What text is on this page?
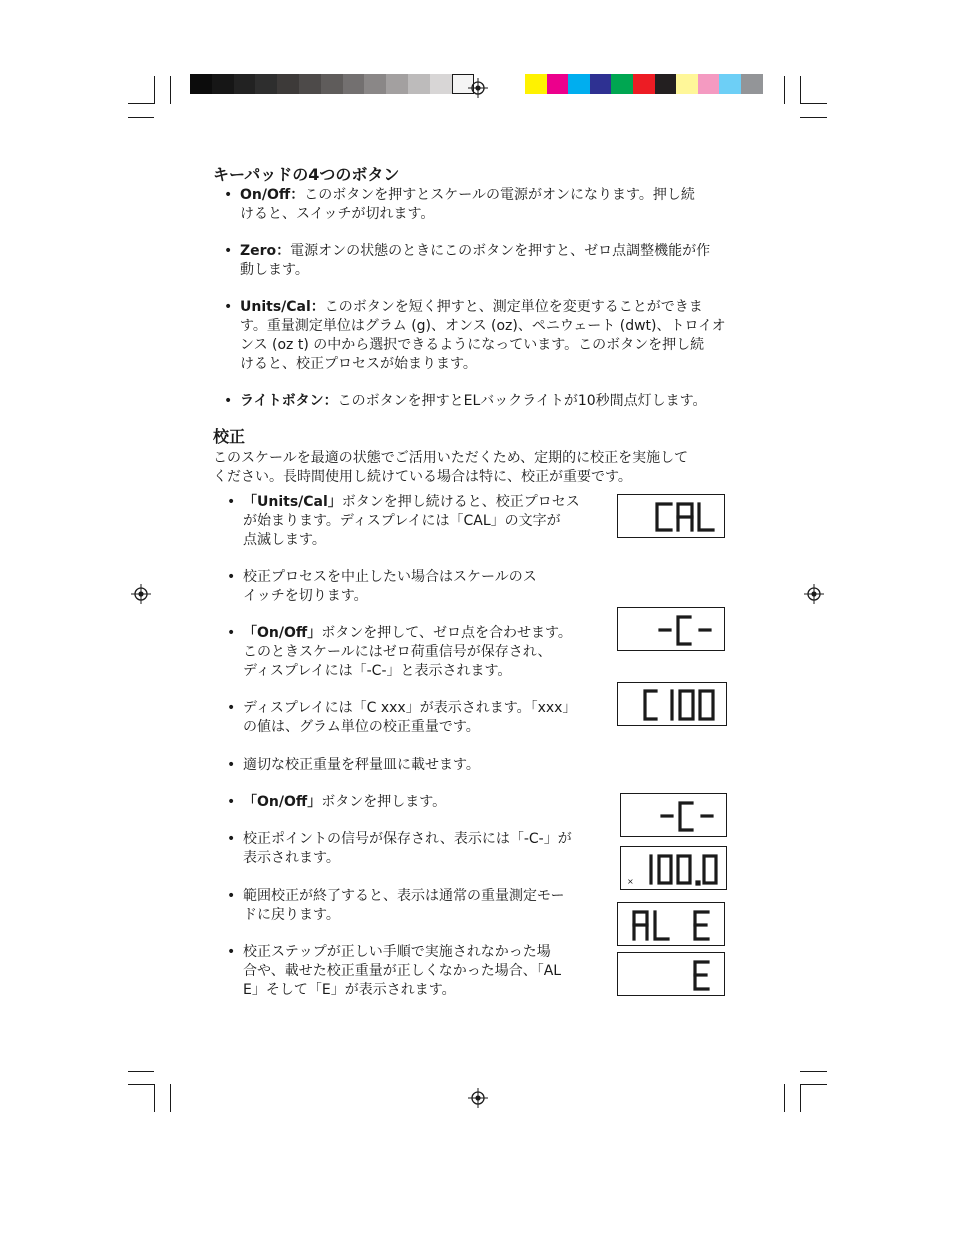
キーパッドの4つのボタン
• On/Off：このボタンを押すとスケールの電源がオンになります。押し続
けると、スイッチが切れます。
• Zero：電源オンの状態のときにこのボタンを押すと、ゼロ点調整機能が作
動します。
• Units/Cal：このボタンを短く押すと、測定単位を変更することができま
す。重量測定単位はグラム (g)、オンス (oz)、ペニウェート (dwt)、トロイオ
ンス (oz t) の中から選択できるようになっています。このボタンを押し続
けると、校正プロセスが始まります。
• ライトボタン：このボタンを押すとELバックライトが10秒間点灯します。
校正
このスケールを最適の状態でご活用いただくため、定期的に校正を実施して
ください。長時間使用し続けている場合は特に、校正が重要です。
• 「Units/Cal」ボタンを押し続けると、校正プロセス
が始まります。ディスプレイには「CAL」の文字が
点滅します。
• 校正プロセスを中止したい場合はスケールのス
イッチを切ります。
• 「On/Off」ボタンを押して、ゼロ点を合わせます。
このときスケールにはゼロ荷重信号が保存され、
ディスプレイには「-C-」と表示されます。
• ディスプレイには「C xxx」が表示されます。「xxx」
の値は、グラム単位の校正重量です。
• 適切な校正重量を秤量皿に載せます。
• 「On/Off」ボタンを押します。
• 校正ポイントの信号が保存され、表示には「-C-」が
表示されます。
• 範囲校正が終了すると、表示は通常の重量測定モー
ドに戻ります。
• 校正ステップが正しい手順で実施されなかった場
合や、載せた校正重量が正しくなかった場合、「AL
E」そして「E」が表示されます。
×
